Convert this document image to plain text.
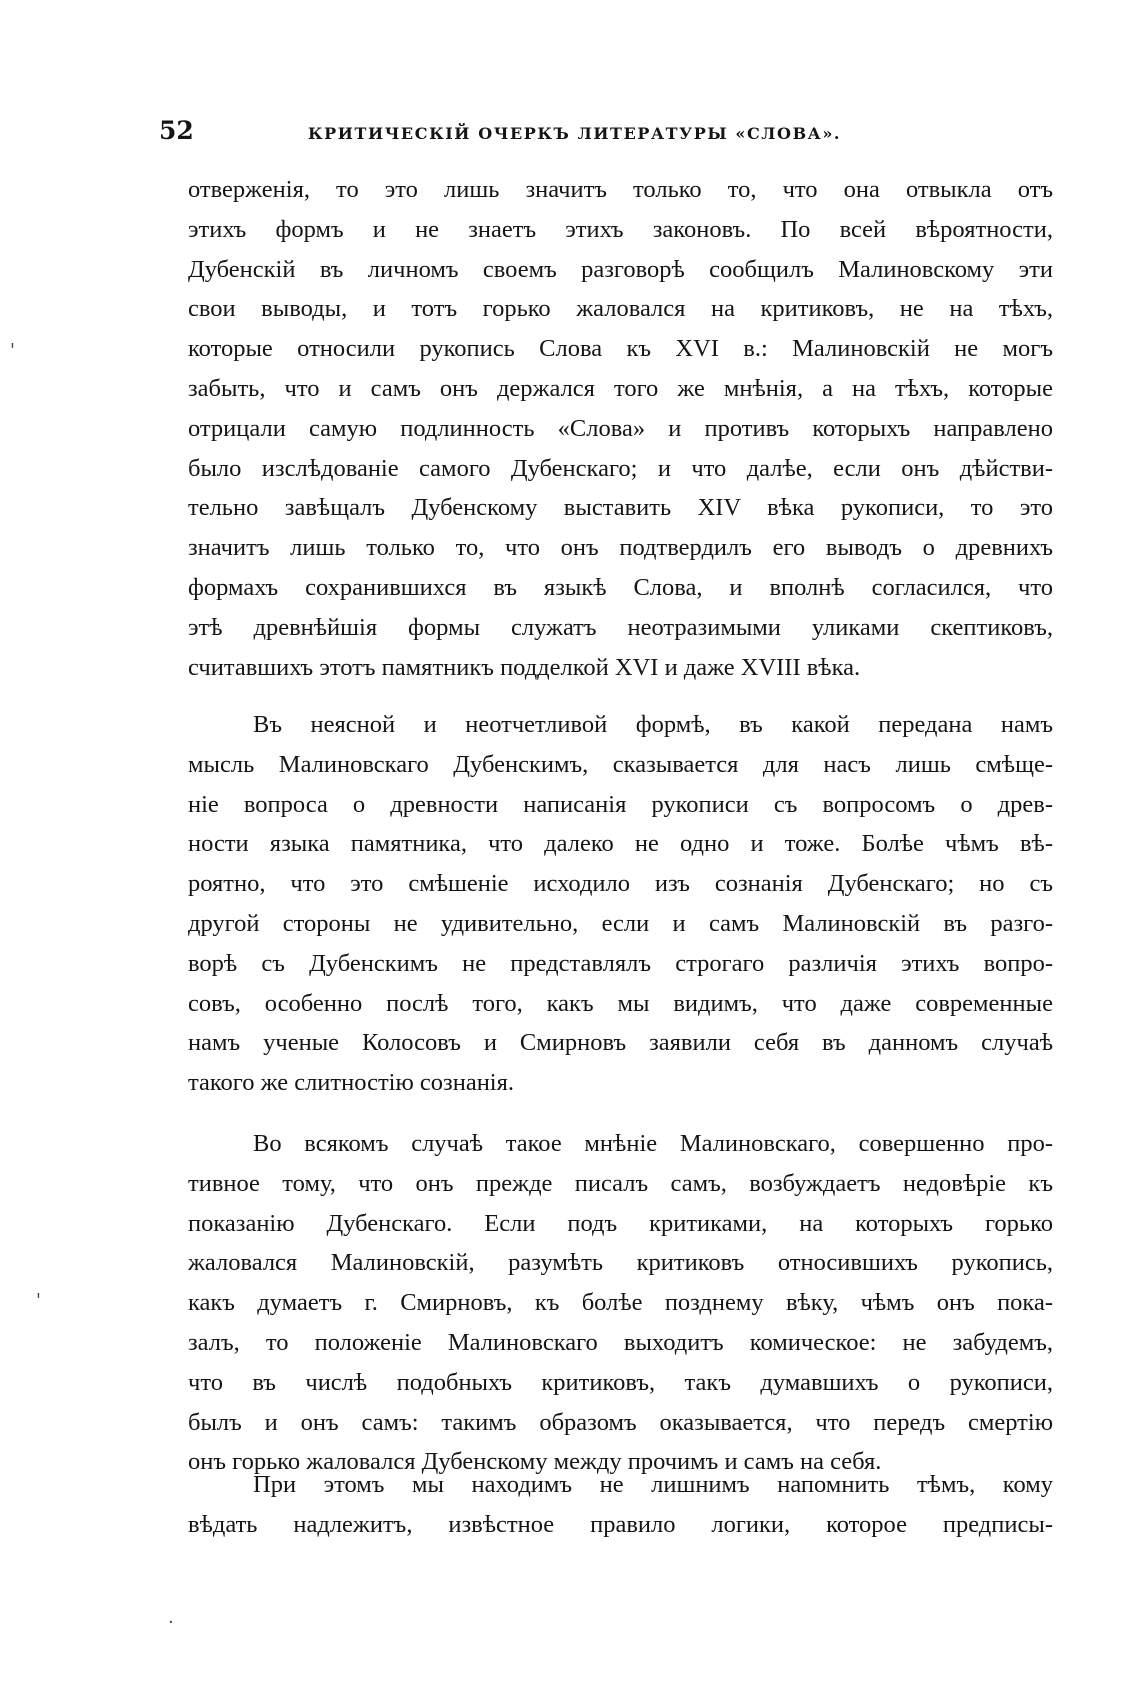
52	КРИТИЧЕСКІЙ ОЧЕРКЪ ЛИТЕРАТУРЫ «СЛОВА».
отверженія, то это лишь значитъ только то, что она отвыкла отъ
этихъ формъ и не знаетъ этихъ законовъ. По всей вѣроятности,
Дубенскій въ личномъ своемъ разговорѣ сообщилъ Малиновскому эти
свои выводы, и тотъ горько жаловался на критиковъ, не на тѣхъ,
которые относили рукопись Слова къ XVI в.: Малиновскій не могъ
забыть, что и самъ онъ держался того же мнѣнія, а на тѣхъ, которые
отрицали самую подлинность «Слова» и противъ которыхъ направлено
было изслѣдованіе самого Дубенскаго; и что далѣе, если онъ дѣйстви-
тельно завѣщалъ Дубенскому выставить XIV вѣка рукописи, то это
значитъ лишь только то, что онъ подтвердилъ его выводъ о древнихъ
формахъ сохранившихся въ языкѣ Слова, и вполнѣ согласился, что
этѣ древнѣйшія формы служатъ неотразимыми уликами скептиковъ,
считавшихъ этотъ памятникъ подделкой XVI и даже XVIII вѣка.
Въ неясной и неотчетливой формѣ, въ какой передана намъ
мысль Малиновскаго Дубенскимъ, сказывается для насъ лишь смѣще-
ніе вопроса о древности написанія рукописи съ вопросомъ о древ-
ности языка памятника, что далеко не одно и тоже. Болѣе чѣмъ вѣ-
роятно, что это смѣшеніе исходило изъ сознанія Дубенскаго; но съ
другой стороны не удивительно, если и самъ Малиновскій въ разго-
ворѣ съ Дубенскимъ не представлялъ строгаго различія этихъ вопро-
совъ, особенно послѣ того, какъ мы видимъ, что даже современные
намъ ученые Колосовъ и Смирновъ заявили себя въ данномъ случаѣ
такого же слитностію сознанія.
Во всякомъ случаѣ такое мнѣніе Малиновскаго, совершенно про-
тивное тому, что онъ прежде писалъ самъ, возбуждаетъ недовѣріе къ
показанію Дубенскаго. Если подъ критиками, на которыхъ горько
жаловался Малиновскій, разумѣть критиковъ относившихъ рукопись,
какъ думаетъ г. Смирновъ, къ болѣе позднему вѣку, чѣмъ онъ пока-
залъ, то положеніе Малиновскаго выходитъ комическое: не забудемъ,
что въ числѣ подобныхъ критиковъ, такъ думавшихъ о рукописи,
былъ и онъ самъ: такимъ образомъ оказывается, что передъ смертію
онъ горько жаловался Дубенскому между прочимъ и самъ на себя.
При этомъ мы находимъ не лишнимъ напомнить тѣмъ, кому
вѣдать надлежитъ, извѣстное правило логики, которое предписы-
'
'
·
